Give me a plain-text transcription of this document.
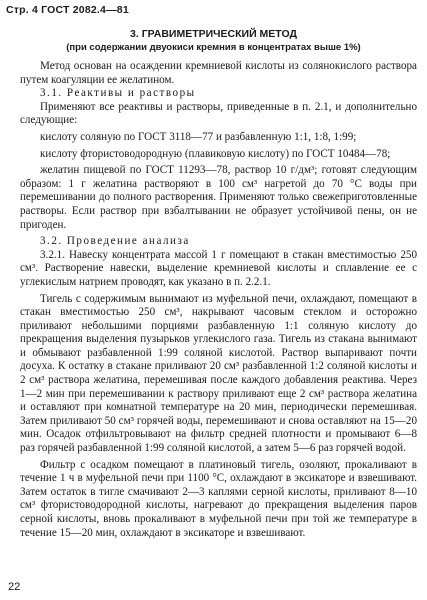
Стр. 4 ГОСТ 2082.4—81
3. ГРАВИМЕТРИЧЕСКИЙ МЕТОД
(при содержании двуокиси кремния в концентратах выше 1%)

Метод основан на осаждении кремниевой кислоты из солянокислого раствора путем коагуляции ее желатином.

3.1. Реактивы и растворы

Применяют все реактивы и растворы, приведенные в п. 2.1, и дополнительно следующие:

кислоту соляную по ГОСТ 3118—77 и разбавленную 1:1, 1:8, 1:99;

кислоту фтористоводородную (плавиковую кислоту) по ГОСТ 10484—78;

желатин пищевой по ГОСТ 11293—78, раствор 10 г/дм³; готовят следующим образом: 1 г желатина растворяют в 100 см³ нагретой до 70 °С воды при перемешивании до полного растворения. Применяют только свежеприготовленные растворы. Если раствор при взбалтывании не образует устойчивой пены, он не пригоден.

3.2. Проведение анализа

3.2.1. Навеску концентрата массой 1 г помещают в стакан вместимостью 250 см³. Растворение навески, выделение кремниевой кислоты и сплавление ее с углекислым натрием проводят, как указано в п. 2.2.1.

Тигель с содержимым вынимают из муфельной печи, охлаждают, помещают в стакан вместимостью 250 см³, накрывают часовым стеклом и осторожно приливают небольшими порциями разбавленную 1:1 соляную кислоту до прекращения выделения пузырьков углекислого газа. Тигель из стакана вынимают и обмывают разбавленной 1:99 соляной кислотой. Раствор выпаривают почти досуха. К остатку в стакане приливают 20 см³ разбавленной 1:2 соляной кислоты и 2 см³ раствора желатина, перемешивая после каждого добавления реактива. Через 1—2 мин при перемешивании к раствору приливают еще 2 см³ раствора желатина и оставляют при комнатной температуре на 20 мин, периодически перемешивая. Затем приливают 50 см³ горячей воды, перемешивают и снова оставляют на 15—20 мин. Осадок отфильтровывают на фильтр средней плотности и промывают 6—8 раз горячей разбавленной 1:99 соляной кислотой, а затем 5—6 раз горячей водой.

Фильтр с осадком помещают в платиновый тигель, озоляют, прокаливают в течение 1 ч в муфельной печи при 1100 °С, охлаждают в эксикаторе и взвешивают. Затем остаток в тигле смачивают 2—3 каплями серной кислоты, приливают 8—10 см³ фтористоводородной кислоты, нагревают до прекращения выделения паров серной кислоты, вновь прокаливают в муфельной печи при той же температуре в течение 15—20 мин, охлаждают в эксикаторе и взвешивают.

22
